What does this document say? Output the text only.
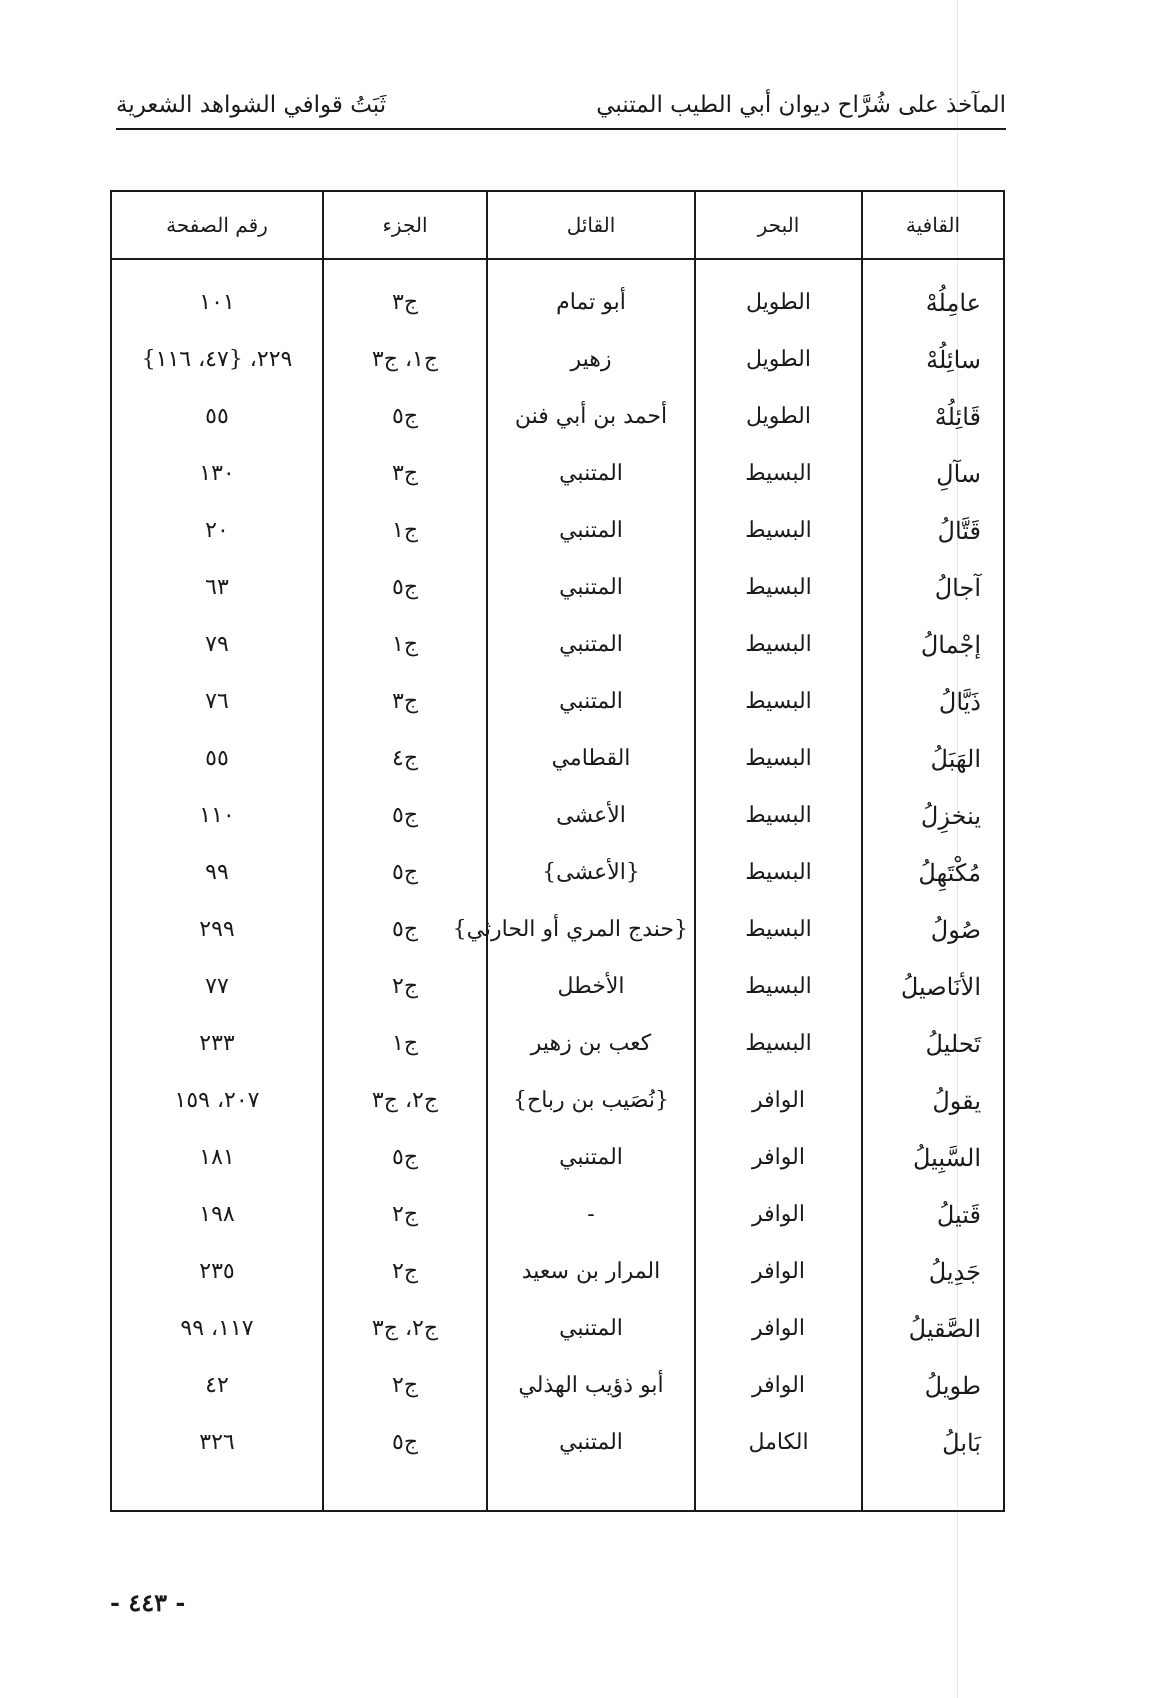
المآخذ على شُرَّاح ديوان أبي الطيب المتنبي
ثَبَتُ قوافي الشواهد الشعرية
القافية	البحر	القائل	الجزء	رقم الصفحة

عامِلُهْ	الطويل	أبو تمام	ج٣	١٠١
سائِلُهْ	الطويل	زهير	ج١، ج٣	٢٢٩، {٤٧، ١١٦}
قَائِلُهْ	الطويل	أحمد بن أبي فنن	ج٥	٥٥
سآلِ	البسيط	المتنبي	ج٣	١٣٠
قَتَّالُ	البسيط	المتنبي	ج١	٢٠
آجالُ	البسيط	المتنبي	ج٥	٦٣
إجْمالُ	البسيط	المتنبي	ج١	٧٩
ذَيَّالُ	البسيط	المتنبي	ج٣	٧٦
الهَبَلُ	البسيط	القطامي	ج٤	٥٥
ينخزِلُ	البسيط	الأعشى	ج٥	١١٠
مُكْتَهِلُ	البسيط	{الأعشى}	ج٥	٩٩
صُولُ	البسيط	{حندج المري أو الحارثي}	ج٥	٢٩٩
الأنَاصيلُ	البسيط	الأخطل	ج٢	٧٧
تَحليلُ	البسيط	كعب بن زهير	ج١	٢٣٣
يقولُ	الوافر	{نُصَيب بن رباح}	ج٢، ج٣	٢٠٧، ١٥٩
السَّبِيلُ	الوافر	المتنبي	ج٥	١٨١
قَتيلُ	الوافر	-	ج٢	١٩٨
جَدِيلُ	الوافر	المرار بن سعيد	ج٢	٢٣٥
الصَّقيلُ	الوافر	المتنبي	ج٢، ج٣	١١٧، ٩٩
طويلُ	الوافر	أبو ذؤيب الهذلي	ج٢	٤٢
بَابلُ	الكامل	المتنبي	ج٥	٣٢٦

- ٤٤٣ -
